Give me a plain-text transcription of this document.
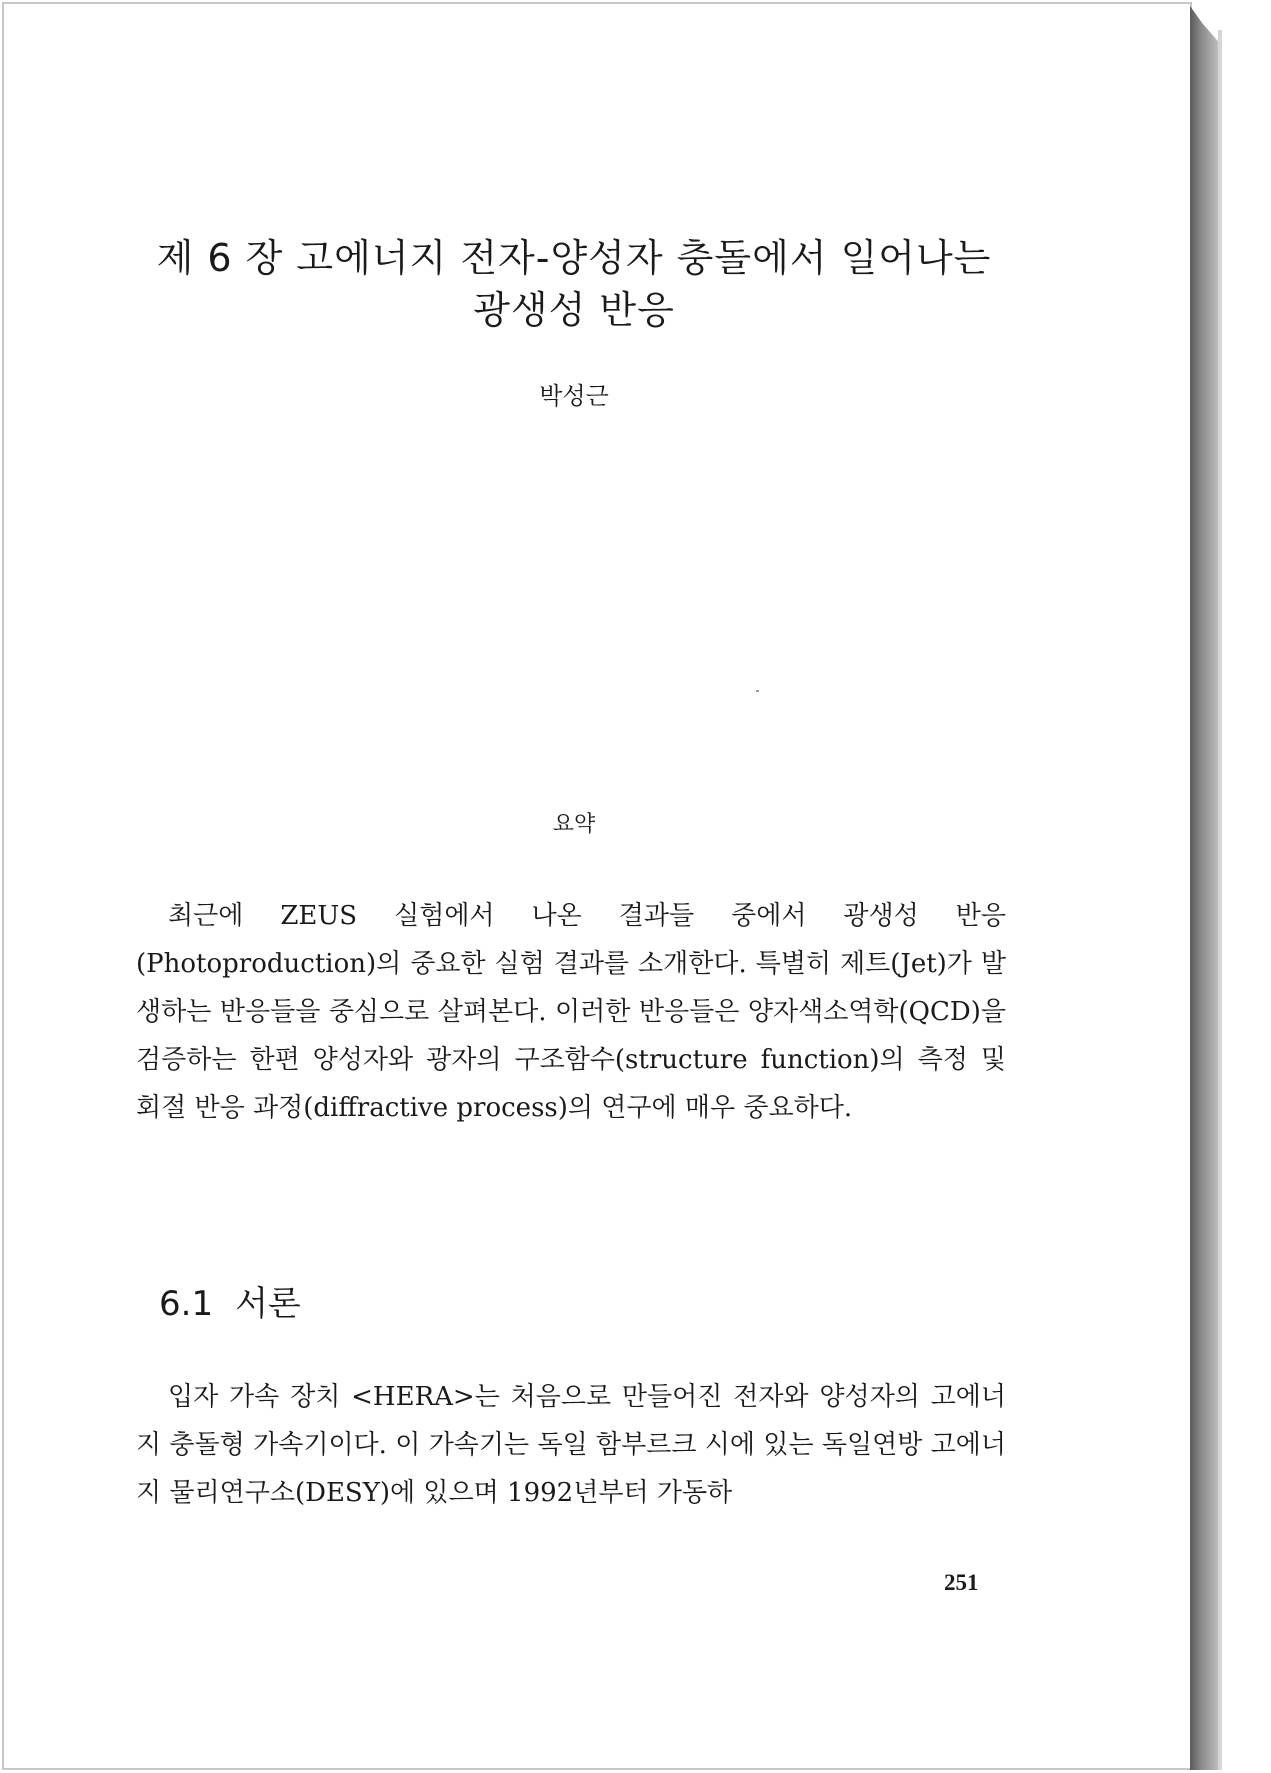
제 6 장 고에너지 전자-양성자 충돌에서 일어나는
광생성 반응
박성근
요약

최근에 ZEUS 실험에서 나온 결과들 중에서 광생성 반응(Photoproduction)의 중요한 실험 결과를 소개한다. 특별히 제트(Jet)가 발생하는 반응들을 중심으로 살펴본다. 이러한 반응들은 양자색소역학(QCD)을 검증하는 한편 양성자와 광자의 구조함수(structure function)의 측정 및 회절 반응 과정(diffractive process)의 연구에 매우 중요하다.

6.1 서론

입자 가속 장치 <HERA>는 처음으로 만들어진 전자와 양성자의 고에너지 충돌형 가속기이다. 이 가속기는 독일 함부르크 시에 있는 독일연방 고에너지 물리연구소(DESY)에 있으며 1992년부터 가동하

251
